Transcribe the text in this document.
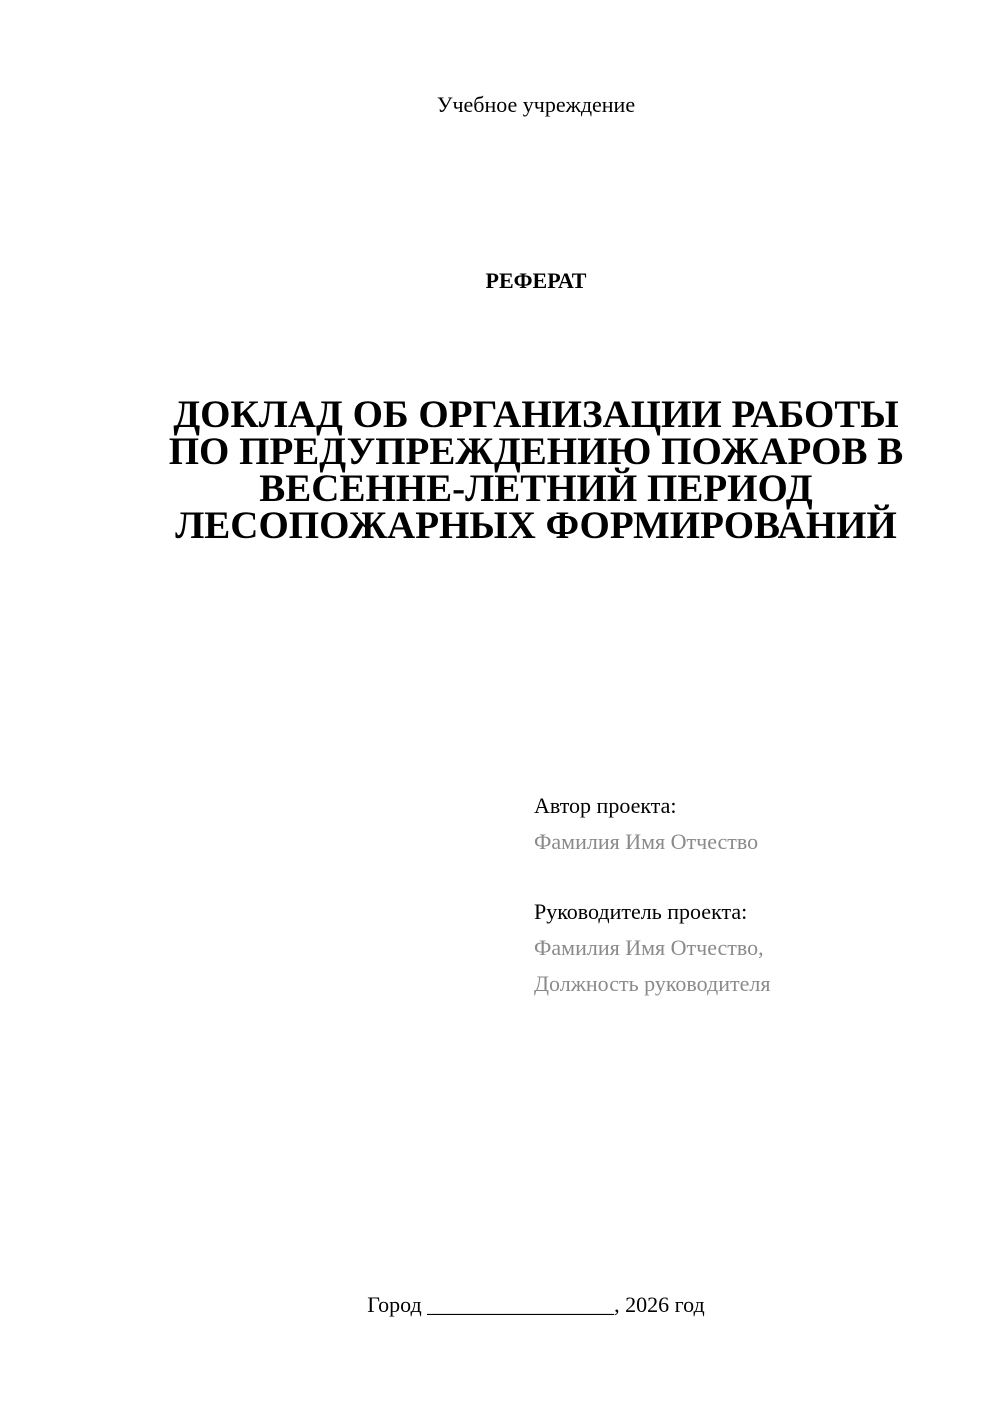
Учебное учреждение
РЕФЕРАТ
ДОКЛАД ОБ ОРГАНИЗАЦИИ РАБОТЫ
ПО ПРЕДУПРЕЖДЕНИЮ ПОЖАРОВ В
ВЕСЕННЕ-ЛЕТНИЙ ПЕРИОД
ЛЕСОПОЖАРНЫХ ФОРМИРОВАНИЙ
Автор проекта:
Фамилия Имя Отчество
Руководитель проекта:
Фамилия Имя Отчество,
Должность руководителя
Город _________________, 2026 год
